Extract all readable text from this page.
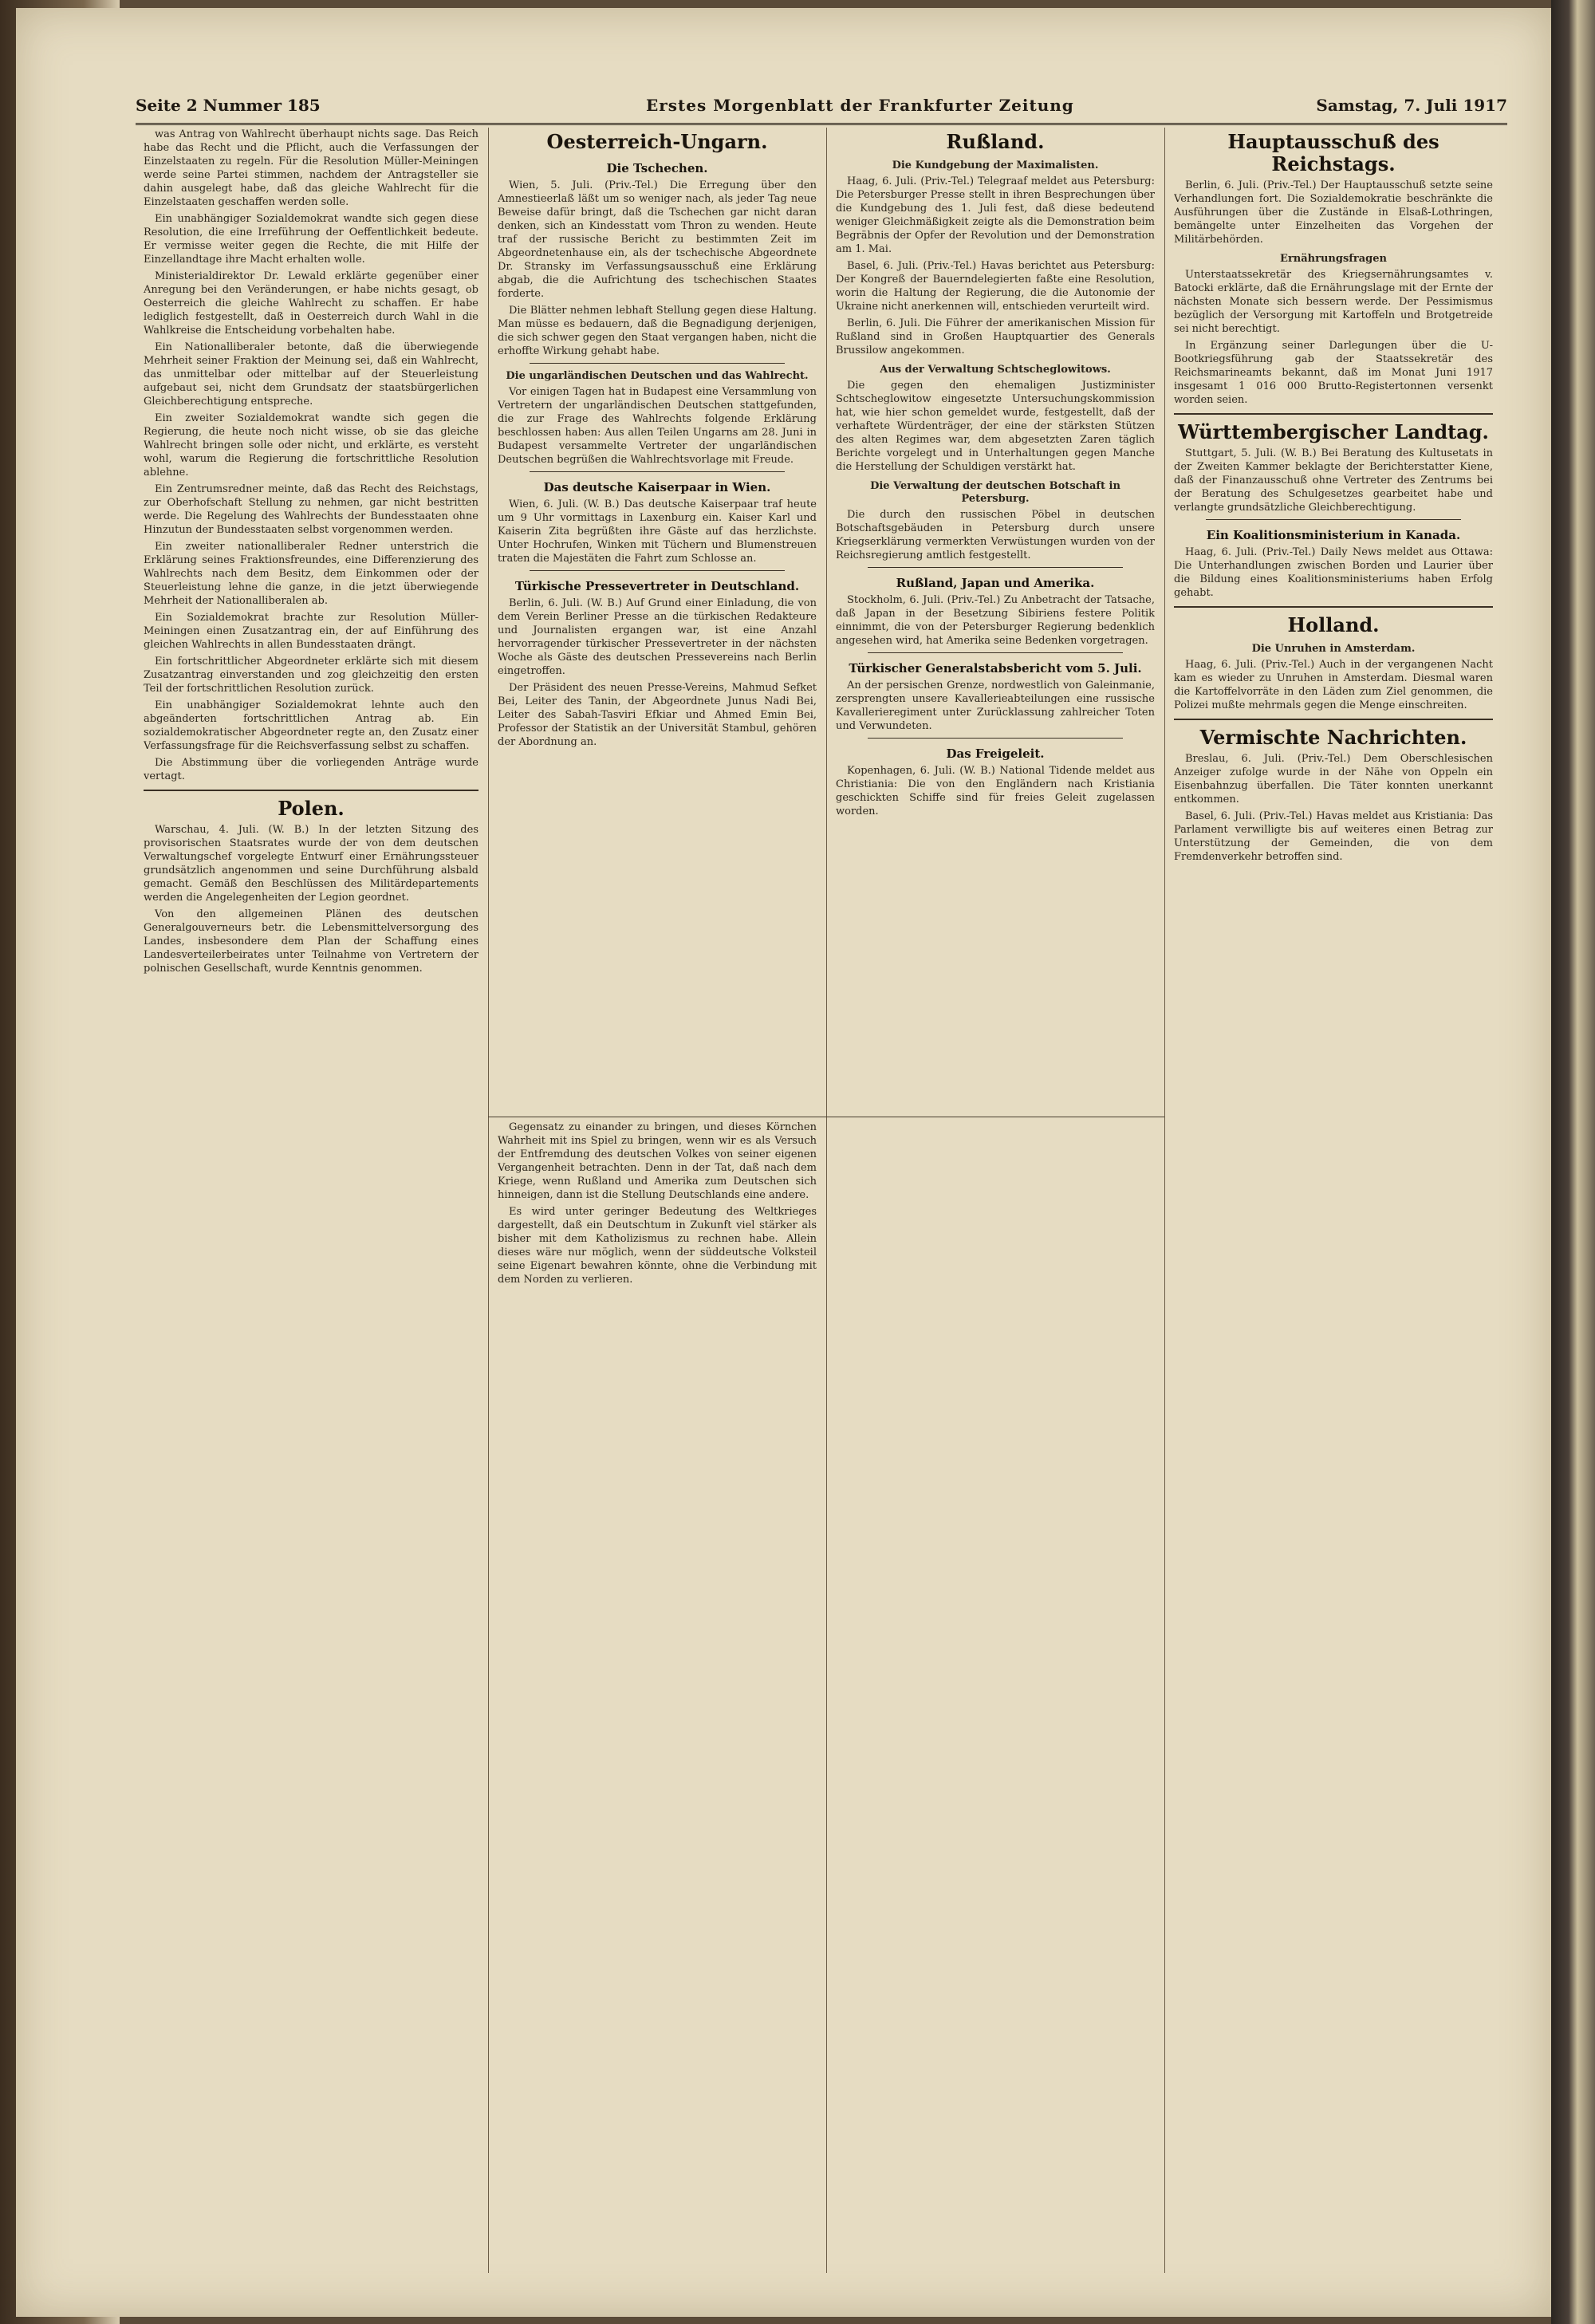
Seite 2 Nummer 185	Erstes Morgenblatt der Frankfurter Zeitung	Samstag, 7. Juli 1917

was Antrag von Wahlrecht überhaupt nichts sage. Das Reich habe das Recht und die Pflicht, auch die Verfassungen der Einzelstaaten zu regeln. Für die Resolution Müller-Meiningen werde seine Partei stimmen, nachdem der Antragsteller sie dahin ausgelegt habe, daß das gleiche Wahlrecht für die Einzelstaaten geschaffen werden solle.

Ein unabhängiger Sozialdemokrat wandte sich gegen diese Resolution, die eine Irreführung der Oeffentlichkeit bedeute. Er vermisse weiter gegen die Rechte, die mit Hilfe der Einzellandtage ihre Macht erhalten wolle.

Ministerialdirektor Dr. Lewald erklärte gegenüber einer Anregung bei den Veränderungen, er habe nichts gesagt, ob Oesterreich die gleiche Wahlrecht zu schaffen. Er habe lediglich festgestellt, daß in Oesterreich durch Wahl in die Wahlkreise die Entscheidung vorbehalten habe.

Ein Nationalliberaler betonte, daß die überwiegende Mehrheit seiner Fraktion der Meinung sei, daß ein Wahlrecht, das unmittelbar oder mittelbar auf der Steuerleistung aufgebaut sei, nicht dem Grundsatz der staatsbürgerlichen Gleichberechtigung entspreche.

Ein zweiter Sozialdemokrat wandte sich gegen die Regierung, die heute noch nicht wisse, ob sie das gleiche Wahlrecht bringen solle oder nicht, und erklärte, es versteht wohl, warum die Regierung die fortschrittliche Resolution ablehne.

Ein Zentrumsredner meinte, daß das Recht des Reichstags, zur Oberhofschaft Stellung zu nehmen, gar nicht bestritten werde. Die Regelung des Wahlrechts der Bundesstaaten ohne Hinzutun der Bundesstaaten selbst vorgenommen werden.

Ein zweiter nationalliberaler Redner unterstrich die Erklärung seines Fraktionsfreundes, eine Differenzierung des Wahlrechts nach dem Besitz, dem Einkommen oder der Steuerleistung lehne die ganze, in die jetzt überwiegende Mehrheit der Nationalliberalen ab.

Ein Sozialdemokrat brachte zur Resolution Müller-Meiningen einen Zusatzantrag ein, der auf Einführung des gleichen Wahlrechts in allen Bundesstaaten drängt.

Ein fortschrittlicher Abgeordneter erklärte sich mit diesem Zusatzantrag einverstanden und zog gleichzeitig den ersten Teil der fortschrittlichen Resolution zurück.

Ein unabhängiger Sozialdemokrat lehnte auch den abgeänderten fortschrittlichen Antrag ab. Ein sozialdemokratischer Abgeordneter regte an, den Zusatz einer Verfassungsfrage für die Reichsverfassung selbst zu schaffen.

Die Abstimmung über die vorliegenden Anträge wurde vertagt.

Polen.

Warschau, 4. Juli. (W. B.) In der letzten Sitzung des provisorischen Staatsrates wurde der von dem deutschen Verwaltungschef vorgelegte Entwurf einer Ernährungssteuer grundsätzlich angenommen und seine Durchführung alsbald gemacht. Gemäß den Beschlüssen des Militärdepartements werden die Angelegenheiten der Legion geordnet.

Von den allgemeinen Plänen des deutschen Generalgouverneurs betr. die Lebensmittelversorgung des Landes, insbesondere dem Plan der Schaffung eines Landesverteilerbeirates unter Teilnahme von Vertretern der polnischen Gesellschaft, wurde Kenntnis genommen.

Oesterreich-Ungarn.
Die Tschechen.

Wien, 5. Juli. (Priv.-Tel.) Die Erregung über den Amnestieerlaß läßt um so weniger nach, als jeder Tag neue Beweise dafür bringt, daß die Tschechen gar nicht daran denken, sich an Kindesstatt vom Thron zu wenden. Heute traf der russische Bericht zu bestimmten Zeit im Abgeordnetenhause ein, als der tschechische Abgeordnete Dr. Stransky im Verfassungsausschuß eine Erklärung abgab, die die Aufrichtung des tschechischen Staates forderte.

Die Blätter nehmen lebhaft Stellung gegen diese Haltung. Man müsse es bedauern, daß die Begnadigung derjenigen, die sich schwer gegen den Staat vergangen haben, nicht die erhoffte Wirkung gehabt habe.

Die ungarländischen Deutschen und das Wahlrecht.

Vor einigen Tagen hat in Budapest eine Versammlung von Vertretern der ungarländischen Deutschen stattgefunden, die zur Frage des Wahlrechts folgende Erklärung beschlossen haben: Aus allen Teilen Ungarns am 28. Juni in Budapest versammelte Vertreter der ungarländischen Deutschen begrüßen die Wahlrechtsvorlage mit Freude.

Das deutsche Kaiserpaar in Wien.

Wien, 6. Juli. (W. B.) Das deutsche Kaiserpaar traf heute um 9 Uhr vormittags in Laxenburg ein. Kaiser Karl und Kaiserin Zita begrüßten ihre Gäste auf das herzlichste. Unter Hochrufen, Winken mit Tüchern und Blumenstreuen traten die Majestäten die Fahrt zum Schlosse an.

Türkische Pressevertreter in Deutschland.

Berlin, 6. Juli. (W. B.) Auf Grund einer Einladung, die von dem Verein Berliner Presse an die türkischen Redakteure und Journalisten ergangen war, ist eine Anzahl hervorragender türkischer Pressevertreter in der nächsten Woche als Gäste des deutschen Pressevereins nach Berlin eingetroffen.

Der Präsident des neuen Presse-Vereins, Mahmud Sefket Bei, Leiter des Tanin, der Abgeordnete Junus Nadi Bei, Leiter des Sabah-Tasviri Efkiar und Ahmed Emin Bei, Professor der Statistik an der Universität Stambul, gehören der Abordnung an.

Rußland.
Die Kundgebung der Maximalisten.

Haag, 6. Juli. (Priv.-Tel.) Telegraaf meldet aus Petersburg: Die Petersburger Presse stellt in ihren Besprechungen über die Kundgebung des 1. Juli fest, daß diese bedeutend weniger Gleichmäßigkeit zeigte als die Demonstration beim Begräbnis der Opfer der Revolution und der Demonstration am 1. Mai.

Basel, 6. Juli. (Priv.-Tel.) Havas berichtet aus Petersburg: Der Kongreß der Bauerndelegierten faßte eine Resolution, worin die Haltung der Regierung, die die Autonomie der Ukraine nicht anerkennen will, entschieden verurteilt wird.

Berlin, 6. Juli. Die Führer der amerikanischen Mission für Rußland sind in Großen Hauptquartier des Generals Brussilow angekommen.

Aus der Verwaltung Schtscheglowitows.

Die gegen den ehemaligen Justizminister Schtscheglowitow eingesetzte Untersuchungskommission hat, wie hier schon gemeldet wurde, festgestellt, daß der verhaftete Würdenträger, der eine der stärksten Stützen des alten Regimes war, dem abgesetzten Zaren täglich Berichte vorgelegt und in Unterhaltungen gegen Manche die Herstellung der Schuldigen verstärkt hat.

Die Verwaltung der deutschen Botschaft in Petersburg.

Die durch den russischen Pöbel in deutschen Botschaftsgebäuden in Petersburg durch unsere Kriegserklärung vermerkten Verwüstungen wurden von der Reichsregierung amtlich festgestellt.

Rußland, Japan und Amerika.

Stockholm, 6. Juli. (Priv.-Tel.) Zu Anbetracht der Tatsache, daß Japan in der Besetzung Sibiriens festere Politik einnimmt, die von der Petersburger Regierung bedenklich angesehen wird, hat Amerika seine Bedenken vorgetragen.

Türkischer Generalstabsbericht vom 5. Juli.

An der persischen Grenze, nordwestlich von Galeinmanie, zersprengten unsere Kavallerieabteilungen eine russische Kavallerieregiment unter Zurücklassung zahlreicher Toten und Verwundeten.

Das Freigeleit.

Kopenhagen, 6. Juli. (W. B.) National Tidende meldet aus Christiania: Die von den Engländern nach Kristiania geschickten Schiffe sind für freies Geleit zugelassen worden.

Hauptausschuß des Reichstags.

Berlin, 6. Juli. (Priv.-Tel.) Der Hauptausschuß setzte seine Verhandlungen fort. Die Sozialdemokratie beschränkte die Ausführungen über die Zustände in Elsaß-Lothringen, bemängelte unter Einzelheiten das Vorgehen der Militärbehörden.

Ernährungsfragen

Unterstaatssekretär des Kriegsernährungsamtes v. Batocki erklärte, daß die Ernährungslage mit der Ernte der nächsten Monate sich bessern werde. Der Pessimismus bezüglich der Versorgung mit Kartoffeln und Brotgetreide sei nicht berechtigt.

In Ergänzung seiner Darlegungen über die U-Bootkriegsführung gab der Staatssekretär des Reichsmarineamts bekannt, daß im Monat Juni 1917 insgesamt 1 016 000 Brutto-Registertonnen versenkt worden seien.

Württembergischer Landtag.

Stuttgart, 5. Juli. (W. B.) Bei Beratung des Kultusetats in der Zweiten Kammer beklagte der Berichterstatter Kiene, daß der Finanzausschuß ohne Vertreter des Zentrums bei der Beratung des Schulgesetzes gearbeitet habe und verlangte grundsätzliche Gleichberechtigung.

Ein Koalitionsministerium in Kanada.

Haag, 6. Juli. (Priv.-Tel.) Daily News meldet aus Ottawa: Die Unterhandlungen zwischen Borden und Laurier über die Bildung eines Koalitionsministeriums haben Erfolg gehabt.

Holland.
Die Unruhen in Amsterdam.

Haag, 6. Juli. (Priv.-Tel.) Auch in der vergangenen Nacht kam es wieder zu Unruhen in Amsterdam. Diesmal waren die Kartoffelvorräte in den Läden zum Ziel genommen, die Polizei mußte mehrmals gegen die Menge einschreiten.

Vermischte Nachrichten.

Breslau, 6. Juli. (Priv.-Tel.) Dem Oberschlesischen Anzeiger zufolge wurde in der Nähe von Oppeln ein Eisenbahnzug überfallen. Die Täter konnten unerkannt entkommen.

Basel, 6. Juli. (Priv.-Tel.) Havas meldet aus Kristiania: Das Parlament verwilligte bis auf weiteres einen Betrag zur Unterstützung der Gemeinden, die von dem Fremdenverkehr betroffen sind.

Gegensatz zu einander zu bringen, und dieses Körnchen Wahrheit mit ins Spiel zu bringen, wenn wir es als Versuch der Entfremdung des deutschen Volkes von seiner eigenen Vergangenheit betrachten. Denn in der Tat, daß nach dem Kriege, wenn Rußland und Amerika zum Deutschen sich hinneigen, dann ist die Stellung Deutschlands eine andere.

Es wird unter geringer Bedeutung des Weltkrieges dargestellt, daß ein Deutschtum in Zukunft viel stärker als bisher mit dem Katholizismus zu rechnen habe. Allein dieses wäre nur möglich, wenn der süddeutsche Volksteil seine Eigenart bewahren könnte, ohne die Verbindung mit dem Norden zu verlieren.
